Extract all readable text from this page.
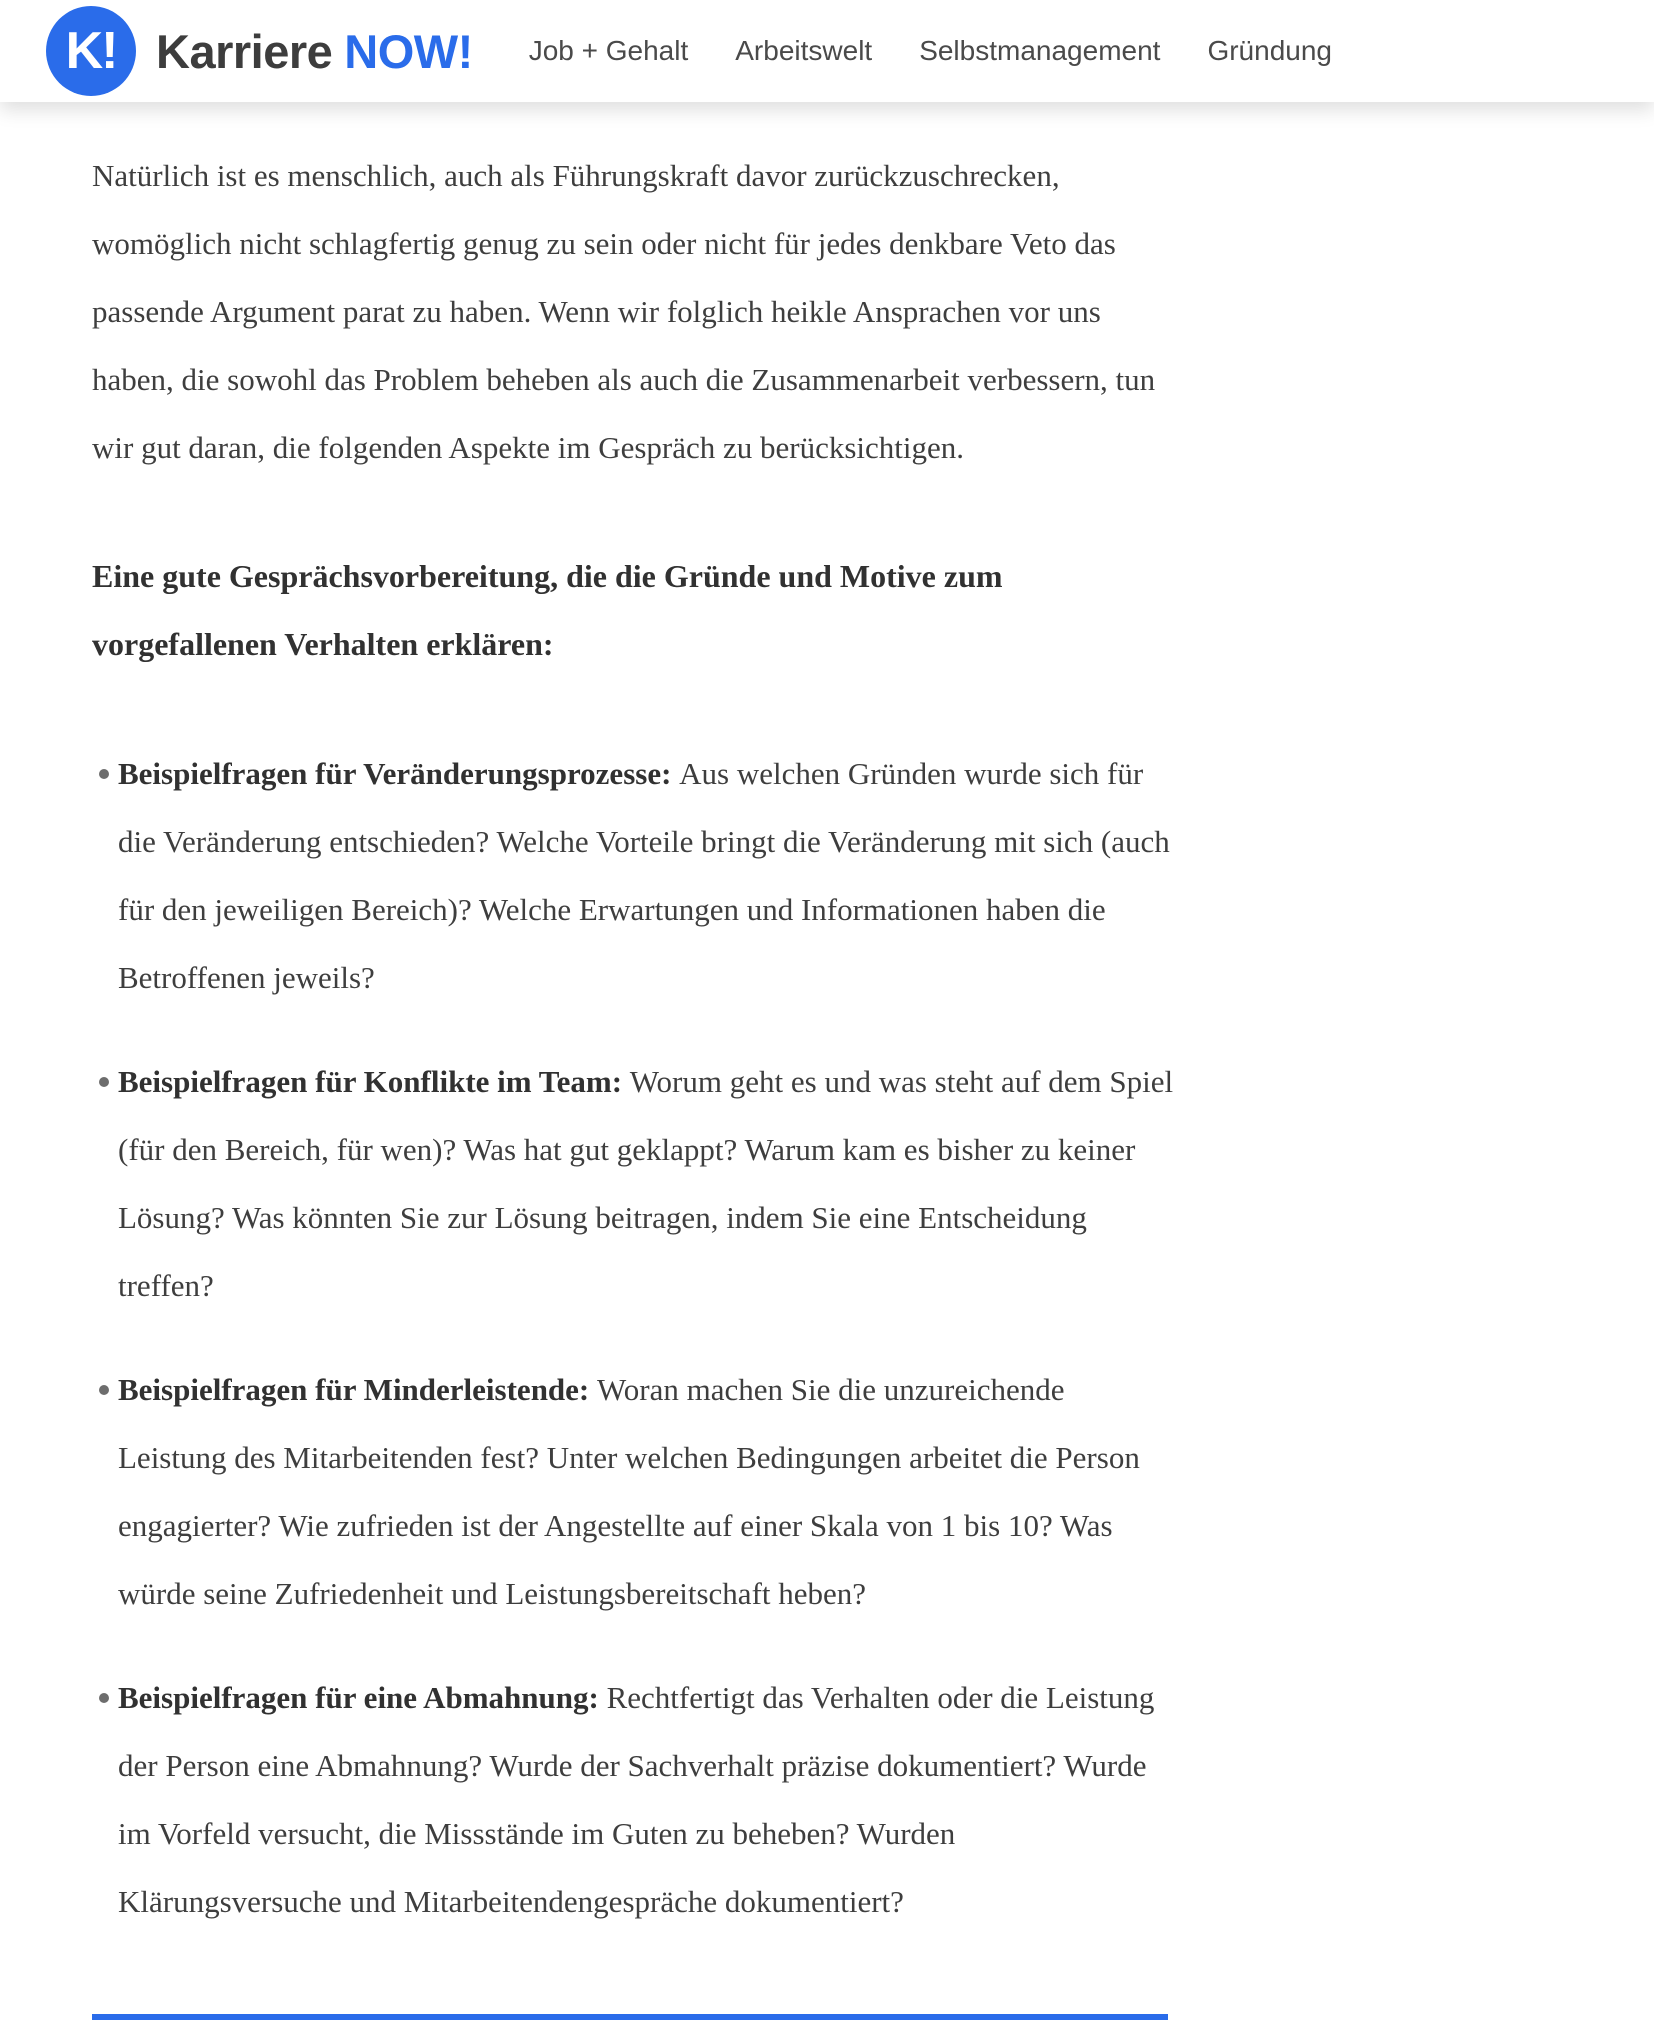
K! Karriere NOW! Job + Gehalt Arbeitswelt Selbstmanagement Gründung

Natürlich ist es menschlich, auch als Führungskraft davor zurückzuschrecken, womöglich nicht schlagfertig genug zu sein oder nicht für jedes denkbare Veto das passende Argument parat zu haben. Wenn wir folglich heikle Ansprachen vor uns haben, die sowohl das Problem beheben als auch die Zusammenarbeit verbessern, tun wir gut daran, die folgenden Aspekte im Gespräch zu berücksichtigen.

Eine gute Gesprächsvorbereitung, die die Gründe und Motive zum vorgefallenen Verhalten erklären:
Beispielfragen für Veränderungsprozesse: Aus welchen Gründen wurde sich für die Veränderung entschieden? Welche Vorteile bringt die Veränderung mit sich (auch für den jeweiligen Bereich)? Welche Erwartungen und Informationen haben die Betroffenen jeweils?
Beispielfragen für Konflikte im Team: Worum geht es und was steht auf dem Spiel (für den Bereich, für wen)? Was hat gut geklappt? Warum kam es bisher zu keiner Lösung? Was könnten Sie zur Lösung beitragen, indem Sie eine Entscheidung treffen?
Beispielfragen für Minderleistende: Woran machen Sie die unzureichende Leistung des Mitarbeitenden fest? Unter welchen Bedingungen arbeitet die Person engagierter? Wie zufrieden ist der Angestellte auf einer Skala von 1 bis 10? Was würde seine Zufriedenheit und Leistungsbereitschaft heben?
Beispielfragen für eine Abmahnung: Rechtfertigt das Verhalten oder die Leistung der Person eine Abmahnung? Wurde der Sachverhalt präzise dokumentiert? Wurde im Vorfeld versucht, die Missstände im Guten zu beheben? Wurden Klärungsversuche und Mitarbeitendengespräche dokumentiert?
